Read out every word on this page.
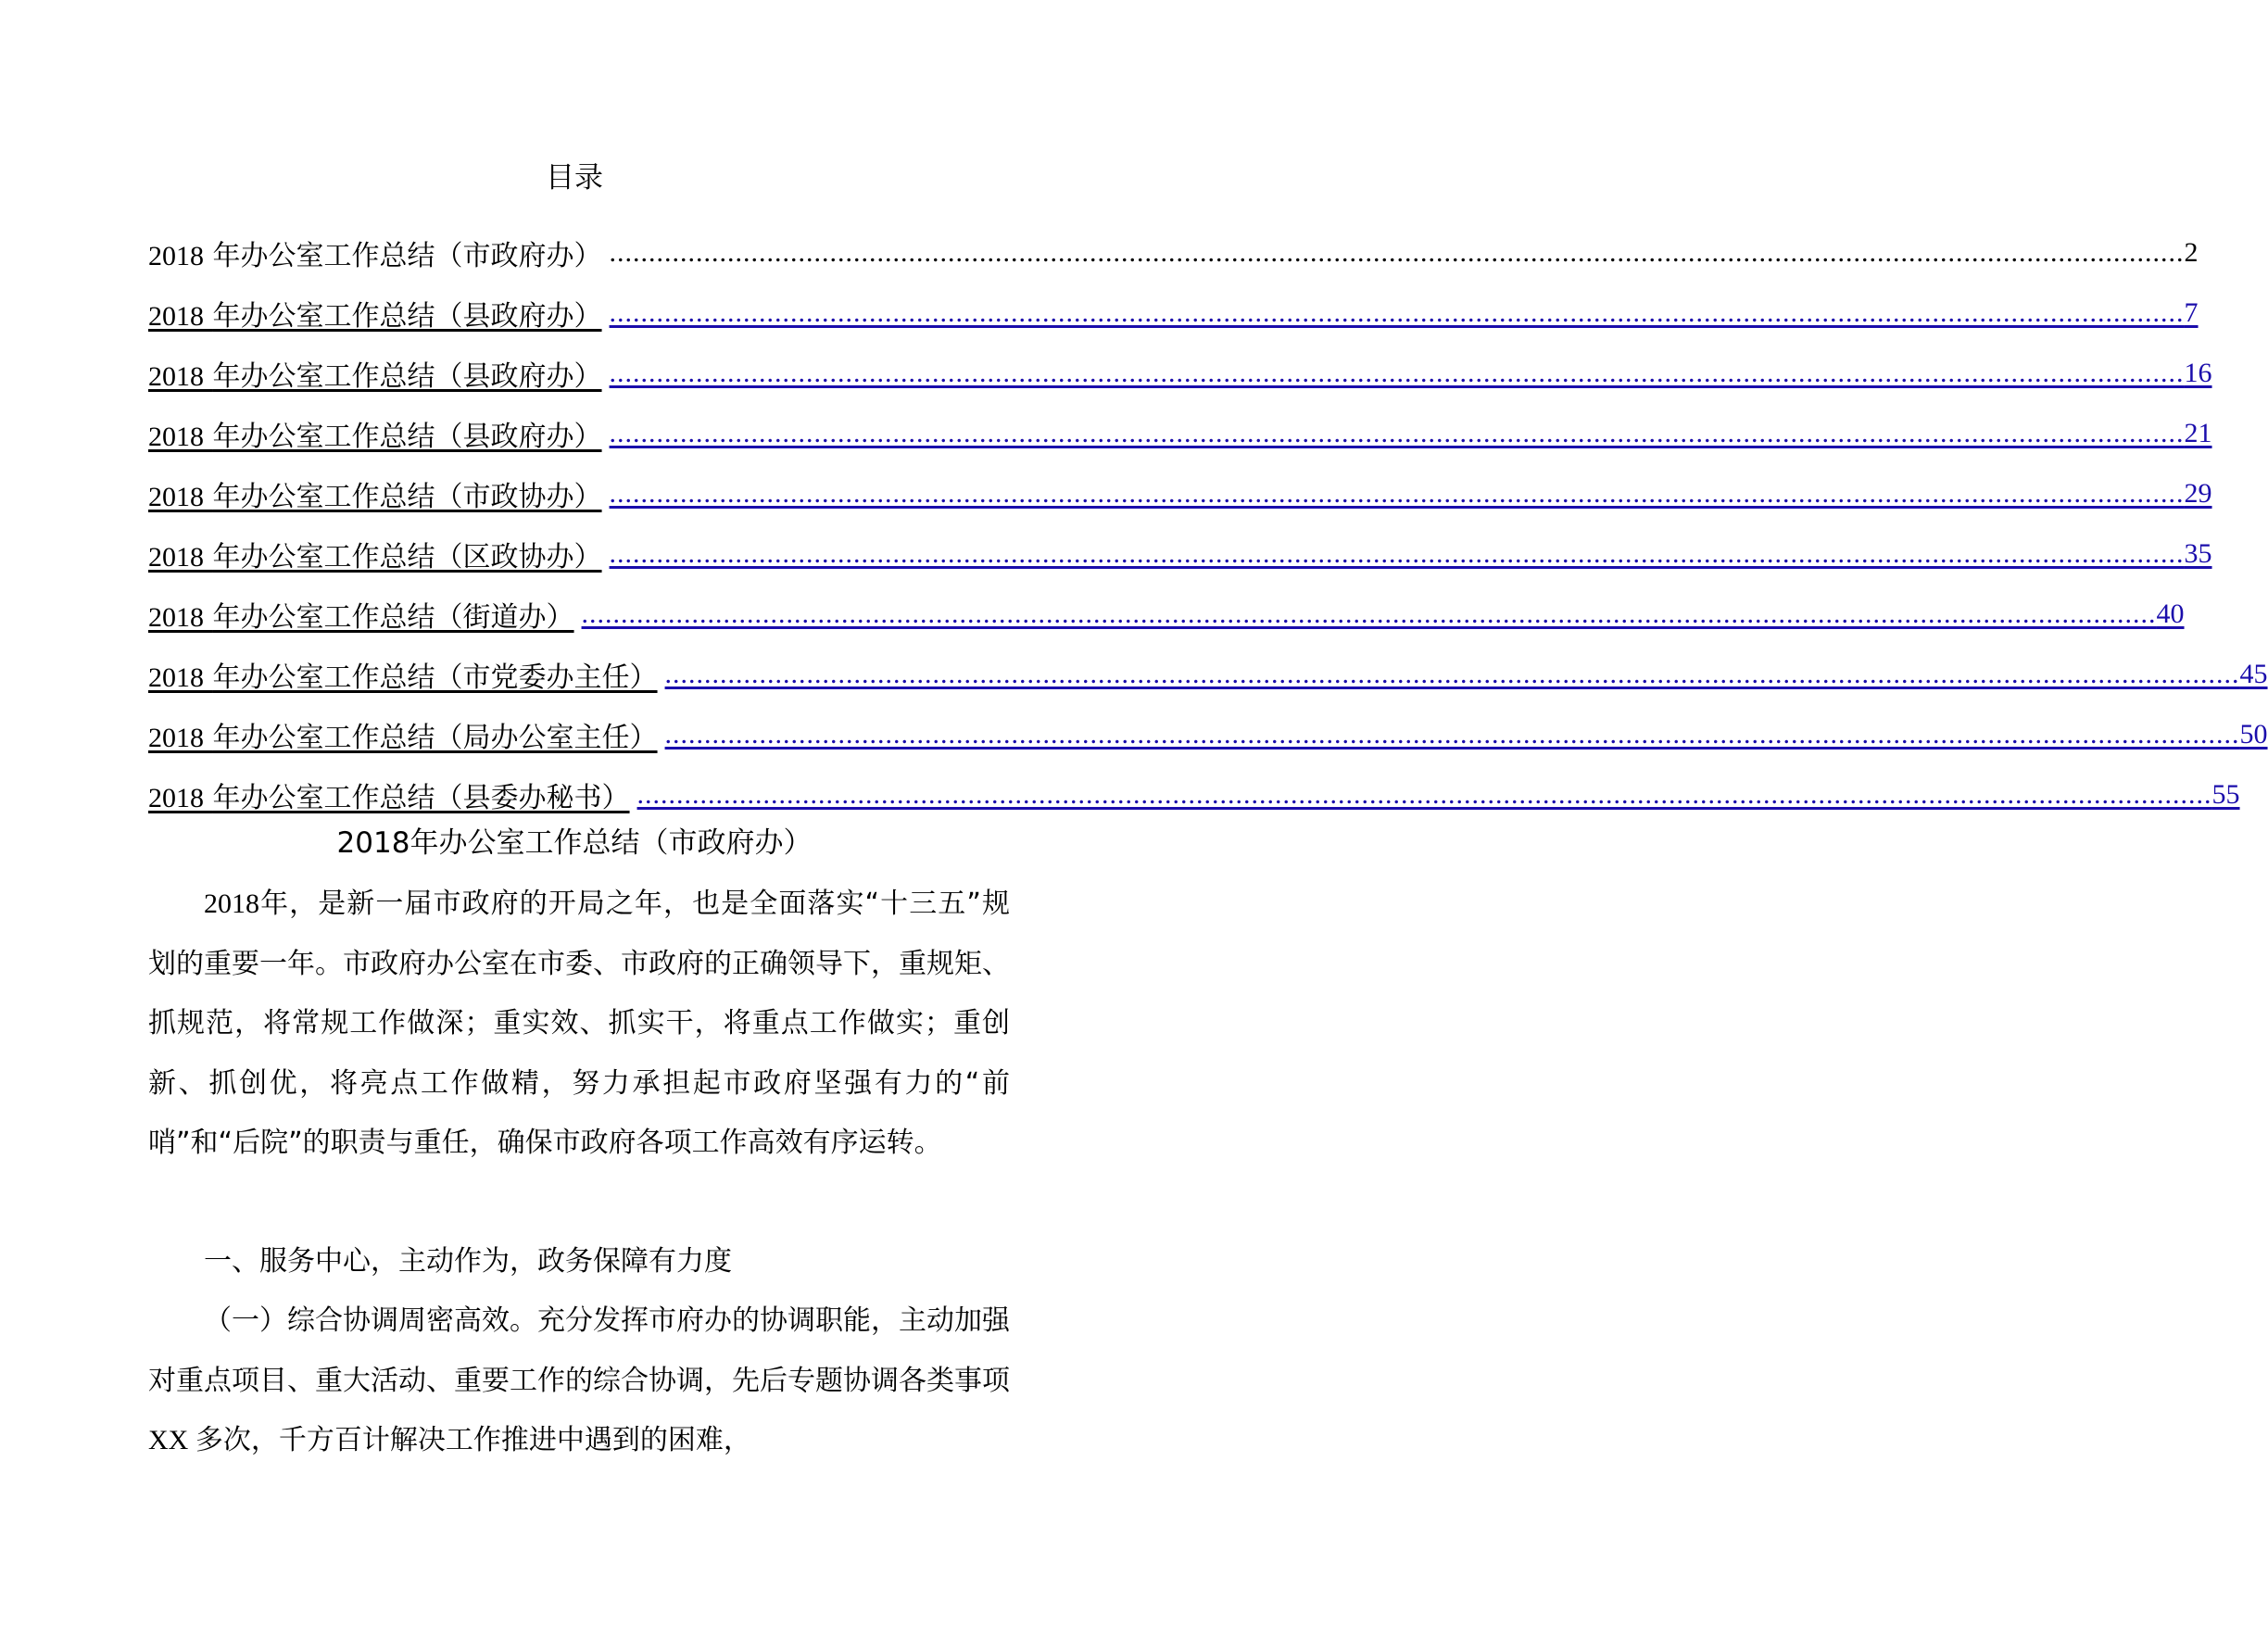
目录
2018 年办公室工作总结（市政府办） ........................................................................................................................................................................................................ 2
2018 年办公室工作总结（县政府办） ........................................................................................................................................................................................................ 7
2018 年办公室工作总结（县政府办） ........................................................................................................................................................................................................ 16
2018 年办公室工作总结（县政府办） ........................................................................................................................................................................................................ 21
2018 年办公室工作总结（市政协办） ........................................................................................................................................................................................................ 29
2018 年办公室工作总结（区政协办） ........................................................................................................................................................................................................ 35
2018 年办公室工作总结（街道办） ........................................................................................................................................................................................................ 40
2018 年办公室工作总结（市党委办主任） ........................................................................................................................................................................................................ 45
2018 年办公室工作总结（局办公室主任） ........................................................................................................................................................................................................ 50
2018 年办公室工作总结（县委办秘书） ........................................................................................................................................................................................................ 55
2018年办公室工作总结（市政府办）
2018年，是新一届市政府的开局之年，也是全面落实“十三五”规划的重要一年。市政府办公室在市委、市政府的正确领导下，重规矩、抓规范，将常规工作做深；重实效、抓实干，将重点工作做实；重创新、抓创优，将亮点工作做精，努力承担起市政府坚强有力的“前哨”和“后院”的职责与重任，确保市政府各项工作高效有序运转。
一、服务中心，主动作为，政务保障有力度
（一）综合协调周密高效。充分发挥市府办的协调职能，主动加强对重点项目、重大活动、重要工作的综合协调，先后专题协调各类事项 XX 多次，千方百计解决工作推进中遇到的困难，
